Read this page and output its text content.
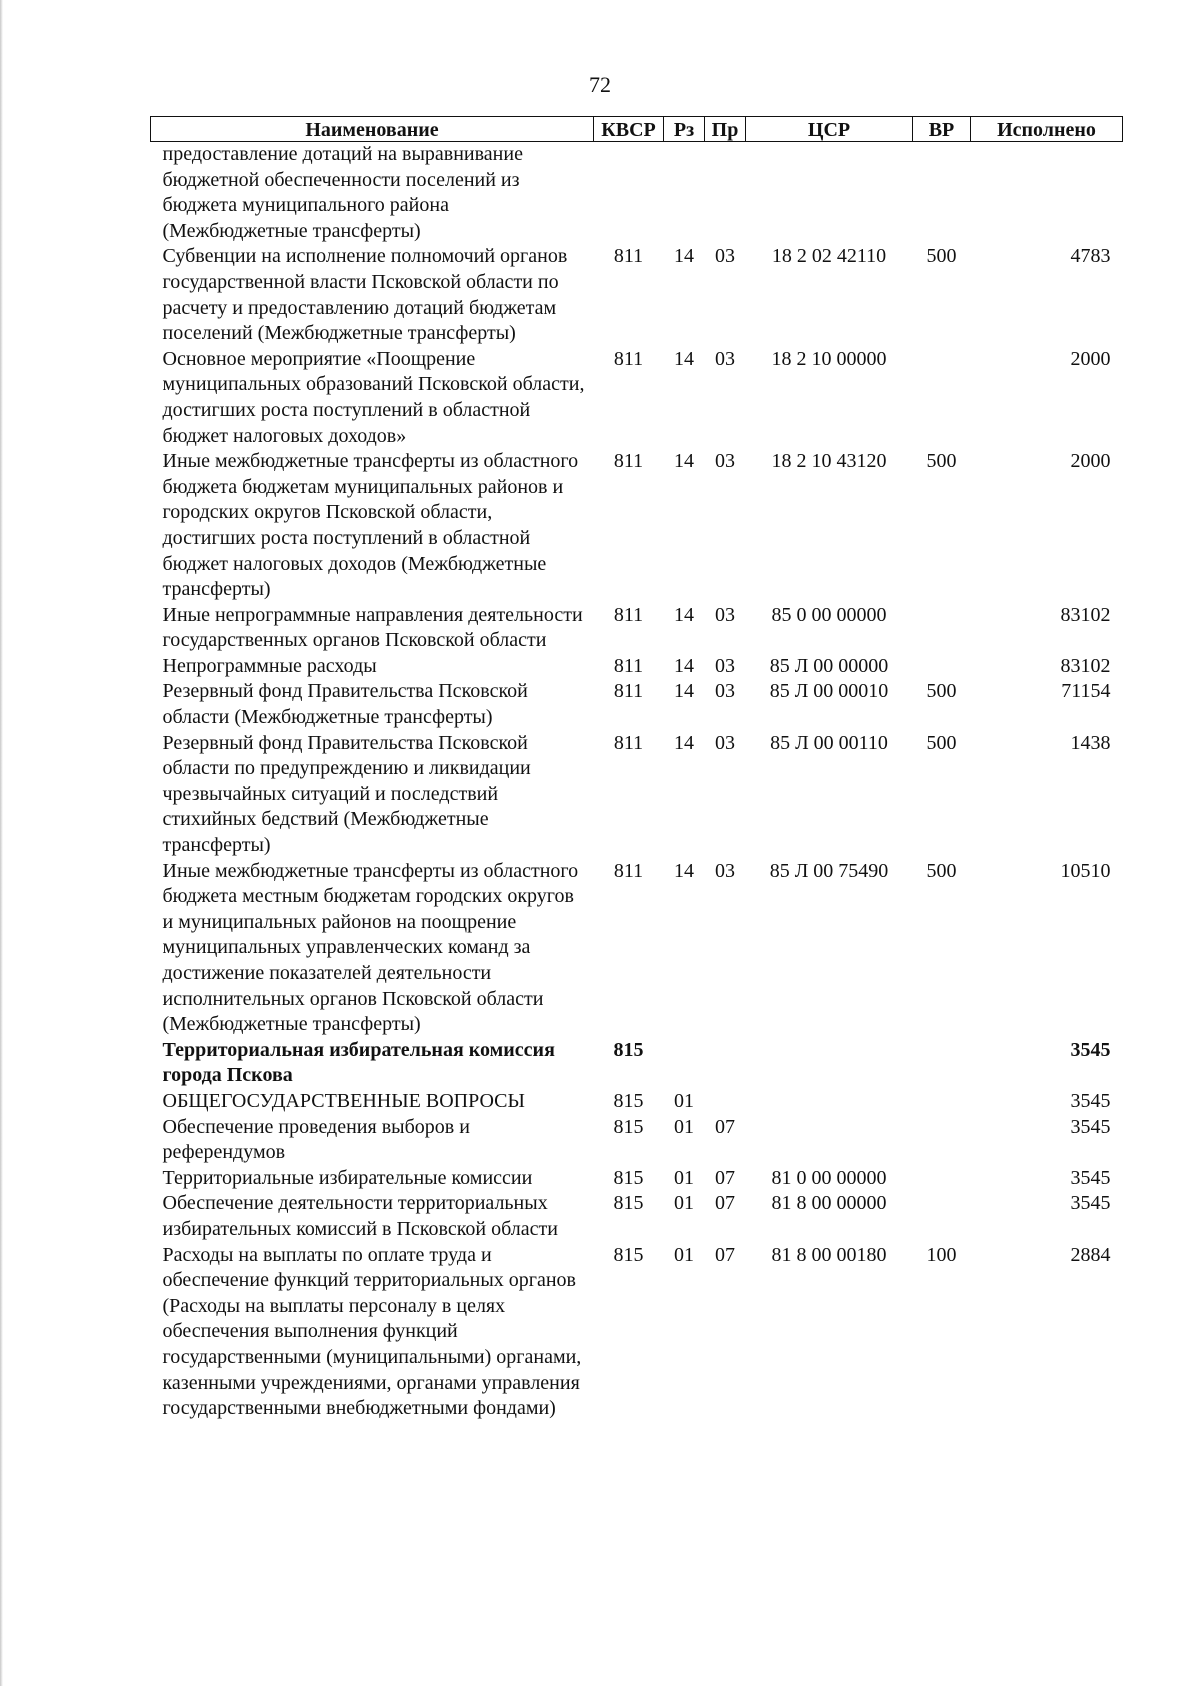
72
Наименование	КВСР	Рз	Пр	ЦСР	ВР	Исполнено
предоставление дотаций на выравнивание бюджетной обеспеченности поселений из бюджета муниципального района (Межбюджетные трансферты)						
Субвенции на исполнение полномочий органов государственной власти Псковской области по расчету и предоставлению дотаций бюджетам поселений (Межбюджетные трансферты)	811	14	03	18 2 02 42110	500	4783
Основное мероприятие «Поощрение муниципальных образований Псковской области, достигших роста поступлений в областной бюджет налоговых доходов»	811	14	03	18 2 10 00000		2000
Иные межбюджетные трансферты из областного бюджета бюджетам муниципальных районов и городских округов Псковской области, достигших роста поступлений в областной бюджет налоговых доходов (Межбюджетные трансферты)	811	14	03	18 2 10 43120	500	2000
Иные непрограммные направления деятельности государственных органов Псковской области	811	14	03	85 0 00 00000		83102
Непрограммные расходы	811	14	03	85 Л 00 00000		83102
Резервный фонд Правительства Псковской области (Межбюджетные трансферты)	811	14	03	85 Л 00 00010	500	71154
Резервный фонд Правительства Псковской области по предупреждению и ликвидации чрезвычайных ситуаций и последствий стихийных бедствий (Межбюджетные трансферты)	811	14	03	85 Л 00 00110	500	1438
Иные межбюджетные трансферты из областного бюджета местным бюджетам городских округов и муниципальных районов на поощрение муниципальных управленческих команд за достижение показателей деятельности исполнительных органов Псковской области (Межбюджетные трансферты)	811	14	03	85 Л 00 75490	500	10510
Территориальная избирательная комиссия города Пскова	815					3545
ОБЩЕГОСУДАРСТВЕННЫЕ ВОПРОСЫ	815	01				3545
Обеспечение проведения выборов и референдумов	815	01	07			3545
Территориальные избирательные комиссии	815	01	07	81 0 00 00000		3545
Обеспечение деятельности территориальных избирательных комиссий в Псковской области	815	01	07	81 8 00 00000		3545
Расходы на выплаты по оплате труда и обеспечение функций территориальных органов (Расходы на выплаты персоналу в целях обеспечения выполнения функций государственными (муниципальными) органами, казенными учреждениями, органами управления государственными внебюджетными фондами)	815	01	07	81 8 00 00180	100	2884
